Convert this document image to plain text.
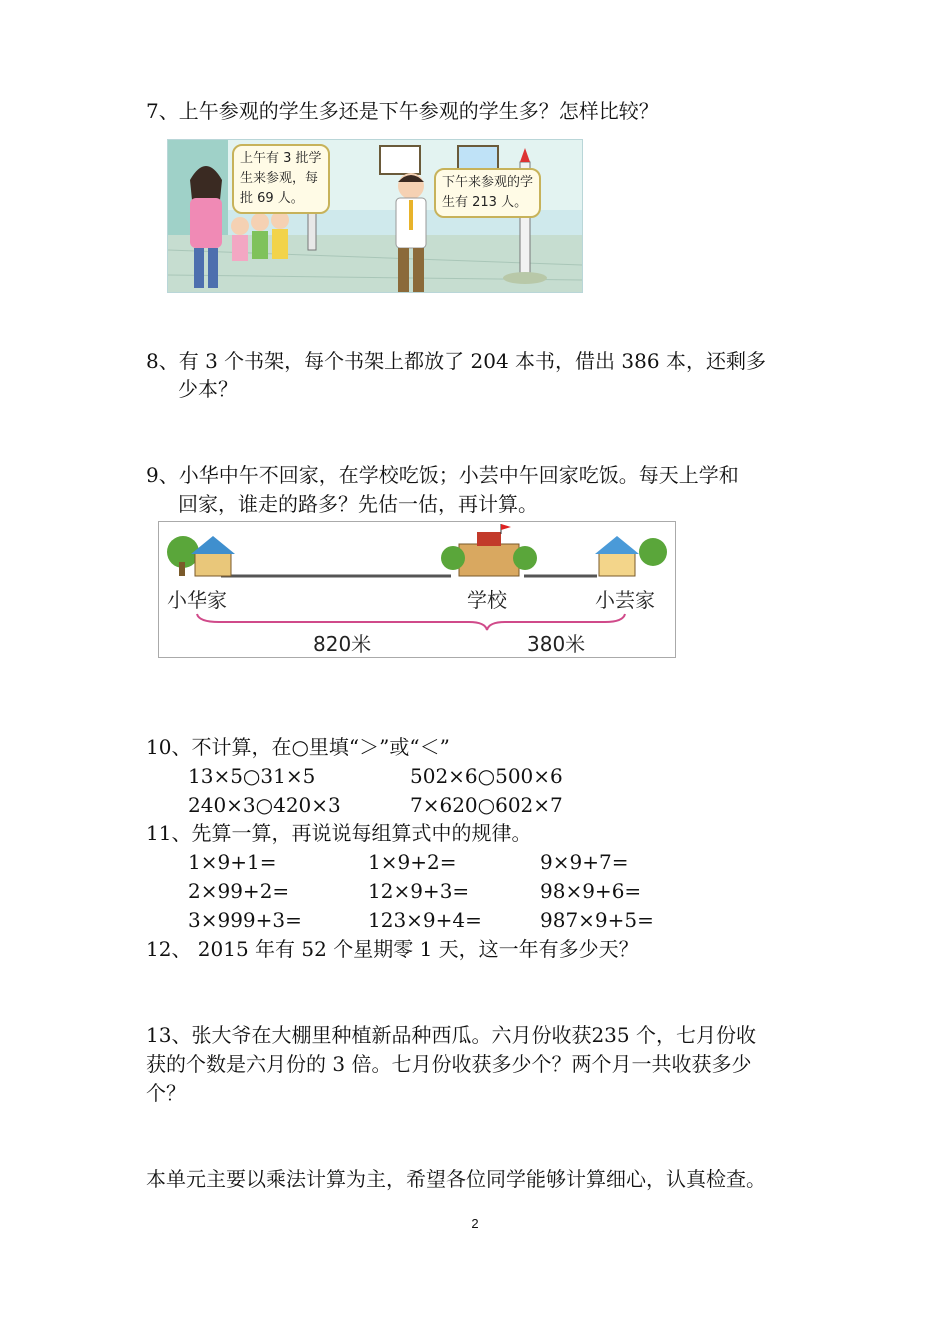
7、上午参观的学生多还是下午参观的学生多？怎样比较？
上午有 3 批学
生来参观，每
批 69 人。
下午来参观的学
生有 213 人。
8、有 3 个书架，每个书架上都放了 204 本书，借出 386 本，还剩多
少本？
9、小华中午不回家，在学校吃饭；小芸中午回家吃饭。每天上学和
回家，谁走的路多？先估一估，再计算。
小华家	学校	小芸家
820米	380米
10、不计算，在○里填“＞”或“＜”
13×5○31×5	502×6○500×6
240×3○420×3	7×620○602×7
11、先算一算，再说说每组算式中的规律。
1×9+1=	1×9+2=	9×9+7=
2×99+2=	12×9+3=	98×9+6=
3×999+3=	123×9+4=	987×9+5=
12、 2015 年有 52 个星期零 1 天，这一年有多少天？
13、张大爷在大棚里种植新品种西瓜。六月份收获235 个，七月份收
获的个数是六月份的 3 倍。七月份收获多少个？两个月一共收获多少
个？
本单元主要以乘法计算为主，希望各位同学能够计算细心，认真检查。
2
